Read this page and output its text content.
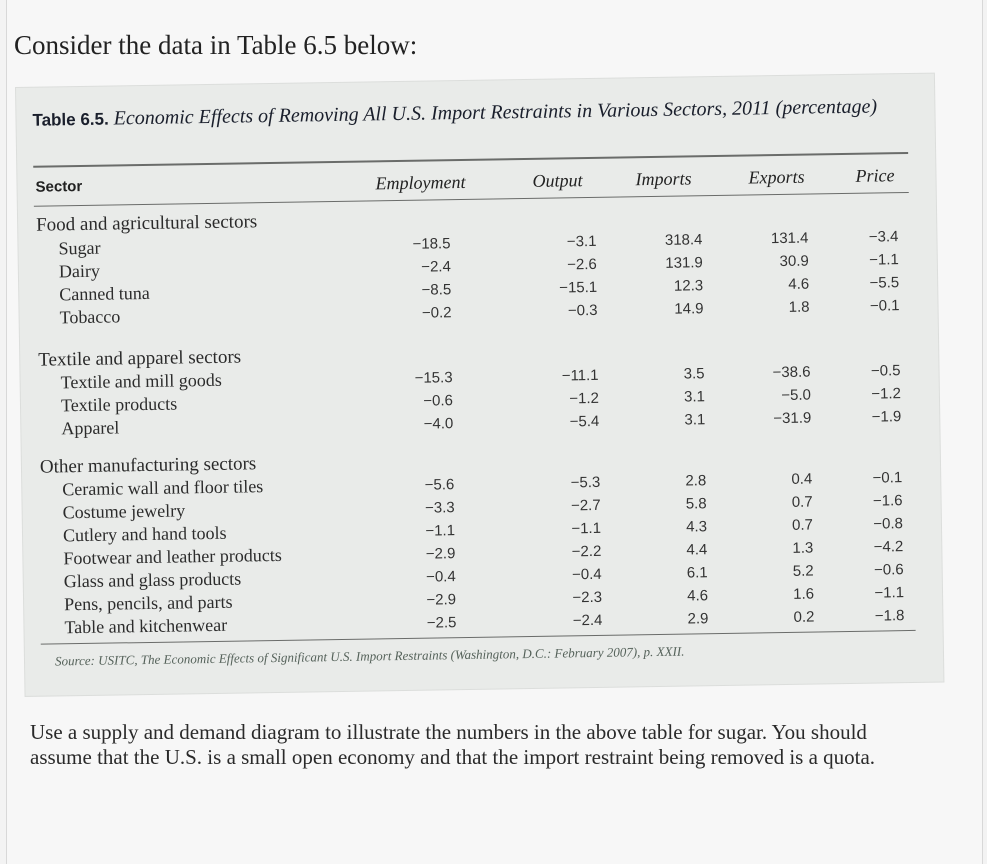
Consider the data in Table 6.5 below:
Table 6.5. Economic Effects of Removing All U.S. Import Restraints in Various Sectors, 2011 (percentage)
Sector	Employment	Output	Imports	Exports	Price
Food and agricultural sectors
Sugar	−18.5	−3.1	318.4	131.4	−3.4
Dairy	−2.4	−2.6	131.9	30.9	−1.1
Canned tuna	−8.5	−15.1	12.3	4.6	−5.5
Tobacco	−0.2	−0.3	14.9	1.8	−0.1
Textile and apparel sectors
Textile and mill goods	−15.3	−11.1	3.5	−38.6	−0.5
Textile products	−0.6	−1.2	3.1	−5.0	−1.2
Apparel	−4.0	−5.4	3.1	−31.9	−1.9
Other manufacturing sectors
Ceramic wall and floor tiles	−5.6	−5.3	2.8	0.4	−0.1
Costume jewelry	−3.3	−2.7	5.8	0.7	−1.6
Cutlery and hand tools	−1.1	−1.1	4.3	0.7	−0.8
Footwear and leather products	−2.9	−2.2	4.4	1.3	−4.2
Glass and glass products	−0.4	−0.4	6.1	5.2	−0.6
Pens, pencils, and parts	−2.9	−2.3	4.6	1.6	−1.1
Table and kitchenwear	−2.5	−2.4	2.9	0.2	−1.8
Source: USITC, The Economic Effects of Significant U.S. Import Restraints (Washington, D.C.: February 2007), p. XXII.
Use a supply and demand diagram to illustrate the numbers in the above table for sugar. You should assume that the U.S. is a small open economy and that the import restraint being removed is a quota.
